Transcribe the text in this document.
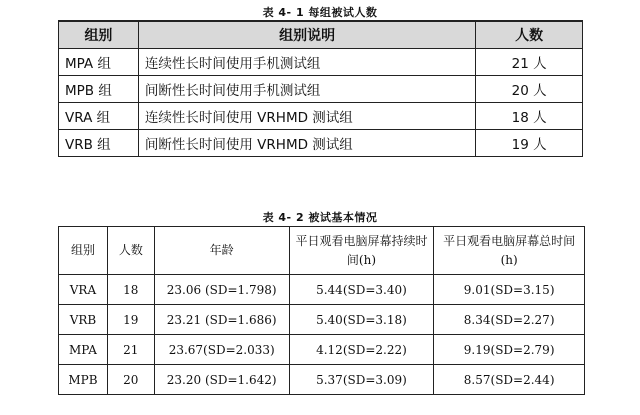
表 4- 1 每组被试人数
组别	组别说明	人数
MPA 组	连续性长时间使用手机测试组	21 人
MPB 组	间断性长时间使用手机测试组	20 人
VRA 组	连续性长时间使用 VRHMD 测试组	18 人
VRB 组	间断性长时间使用 VRHMD 测试组	19 人
表 4- 2 被试基本情况
组别	人数	年龄	平日观看电脑屏幕持续时间(h)	平日观看电脑屏幕总时间(h)
VRA	18	23.06 (SD=1.798)	5.44(SD=3.40)	9.01(SD=3.15)
VRB	19	23.21 (SD=1.686)	5.40(SD=3.18)	8.34(SD=2.27)
MPA	21	23.67(SD=2.033)	4.12(SD=2.22)	9.19(SD=2.79)
MPB	20	23.20 (SD=1.642)	5.37(SD=3.09)	8.57(SD=2.44)
